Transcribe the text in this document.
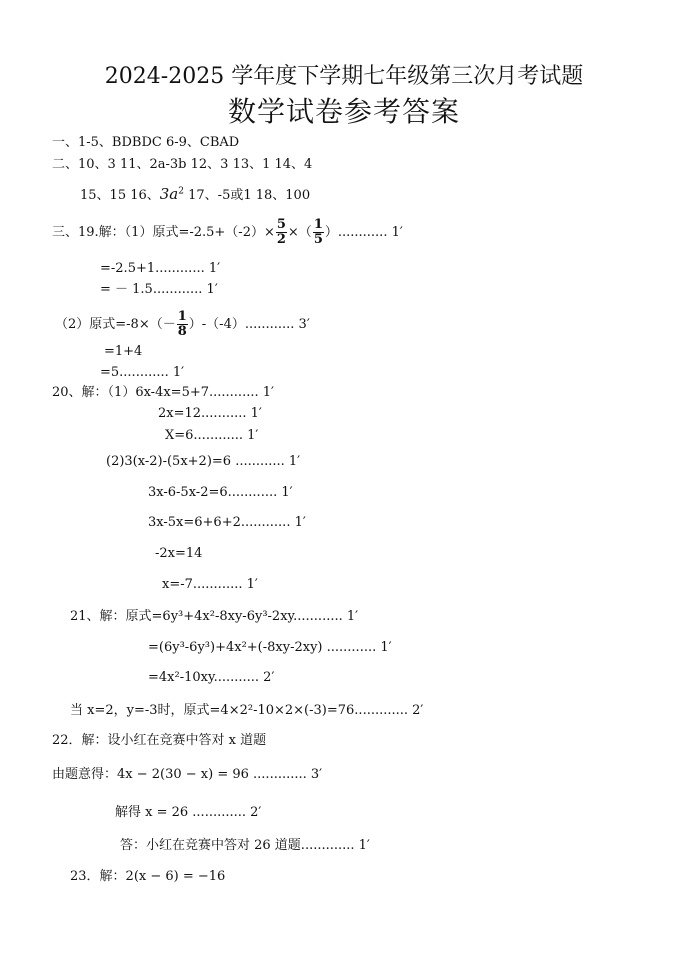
2024-2025 学年度下学期七年级第三次月考试题
数学试卷参考答案
一、1-5、BDBDC 6-9、CBAD
二、10、3 11、2a-3b 12、3 13、1 14、4
15、15 16、$3a^2$ 17、-5或1 18、100
三、19.解：（1）原式$=-2.5+(-2)\times \frac{5}{2}$ ×（ $\frac{1}{5}$ ）............ 1′
=-2.5+1............ 1′
= － 1.5............ 1′
（2）原式$=-8\times(- \frac{1}{8} )-(-4)$............ 3′
=1+4
=5............ 1′
20、解：（1）6x-4x=5+7............ 1′
2x=12........... 1′
X=6............ 1′
(2)3(x-2)-(5x+2)=6 ............ 1′
3x-6-5x-2=6............ 1′
3x-5x=6+6+2............ 1′
-2x=14
x=-7............ 1′
21、解：原式=6y³+4x²-8xy-6y³-2xy............ 1′
=(6y³-6y³)+4x²+(-8xy-2xy) ............ 1′
=4x²-10xy........... 2′
当 x=2，y=-3时，原式=4×2²-10×2×(-3)=76............. 2′
22．解：设小红在竞赛中答对 x 道题
由题意得：4x − 2(30 − x) = 96 ............. 3′
解得 x = 26 ............. 2′
答：小红在竞赛中答对 26 道题............. 1′
23．解：2(x − 6) = −16
